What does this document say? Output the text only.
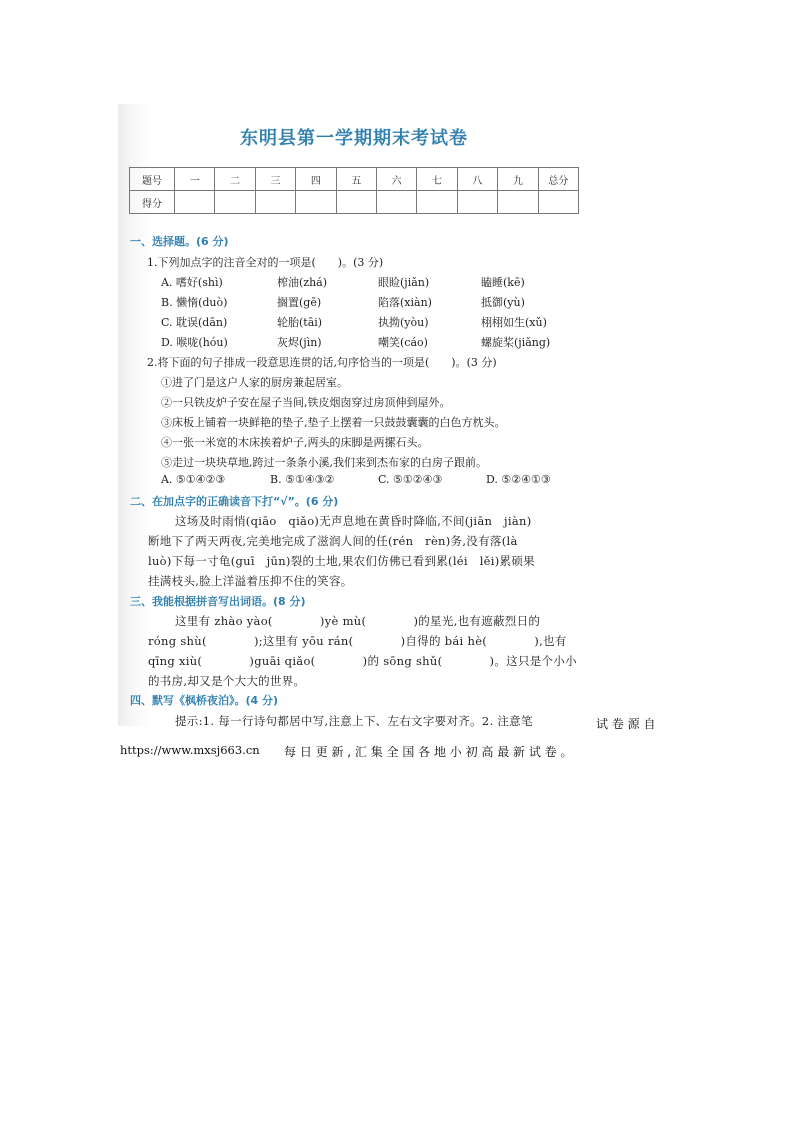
东明县第一学期期末考试卷
题号	一	二	三	四	五	六	七	八	九	总分
得分										
一、选择题。(6 分)
1.下列加点字的注音全对的一项是(　　)。(3 分)
A. 嗜好(shì)	榨油(zhá)	眼睑(jiǎn)	瞌睡(kē)
B. 懒惰(duò)	搁置(gē)	陷落(xiàn)	抵御(yù)
C. 耽误(dān)	轮胎(tāi)	执拗(yòu)	栩栩如生(xǔ)
D. 喉咙(hóu)	灰烬(jìn)	嘲笑(cáo)	螺旋桨(jiǎng)
2.将下面的句子排成一段意思连贯的话,句序恰当的一项是(　　)。(3 分)
①进了门是这户人家的厨房兼起居室。
②一只铁皮炉子安在屋子当间,铁皮烟囱穿过房顶伸到屋外。
③床板上铺着一块鲜艳的垫子,垫子上摆着一只鼓鼓囊囊的白色方枕头。
④一张一米宽的木床挨着炉子,两头的床脚是两摞石头。
⑤走过一块块草地,跨过一条条小溪,我们来到杰布家的白房子跟前。
A. ⑤①④②③	B. ⑤①④③②	C. ⑤①②④③	D. ⑤②④①③
二、在加点字的正确读音下打“√”。(6 分)
这场及时雨悄(qiāo　qiǎo)无声息地在黄昏时降临,不间(jiān　jiàn)
断地下了两天两夜,完美地完成了滋润人间的任(rén　rèn)务,没有落(là
luò)下每一寸龟(guī　jūn)裂的土地,果农们仿佛已看到累(léi　lěi)累硕果
挂满枝头,脸上洋溢着压抑不住的笑容。
三、我能根据拼音写出词语。(8 分)
这里有 zhào yào(　　　　)yè mù(　　　　)的星光,也有遮蔽烈日的
róng shù(　　　　);这里有 yōu rán(　　　　)自得的 bái hè(　　　　),也有
qīng xiù(　　　　)guāi qiǎo(　　　　)的 sōng shǔ(　　　　)。这只是个小小
的书房,却又是个大大的世界。
四、默写《枫桥夜泊》。(4 分)
提示:1. 每一行诗句都居中写,注意上下、左右文字要对齐。2. 注意笔	试 卷 源 自
https://www.mxsj663.cn 每 日 更 新 , 汇 集 全 国 各 地 小 初 高 最 新 试 卷 。
